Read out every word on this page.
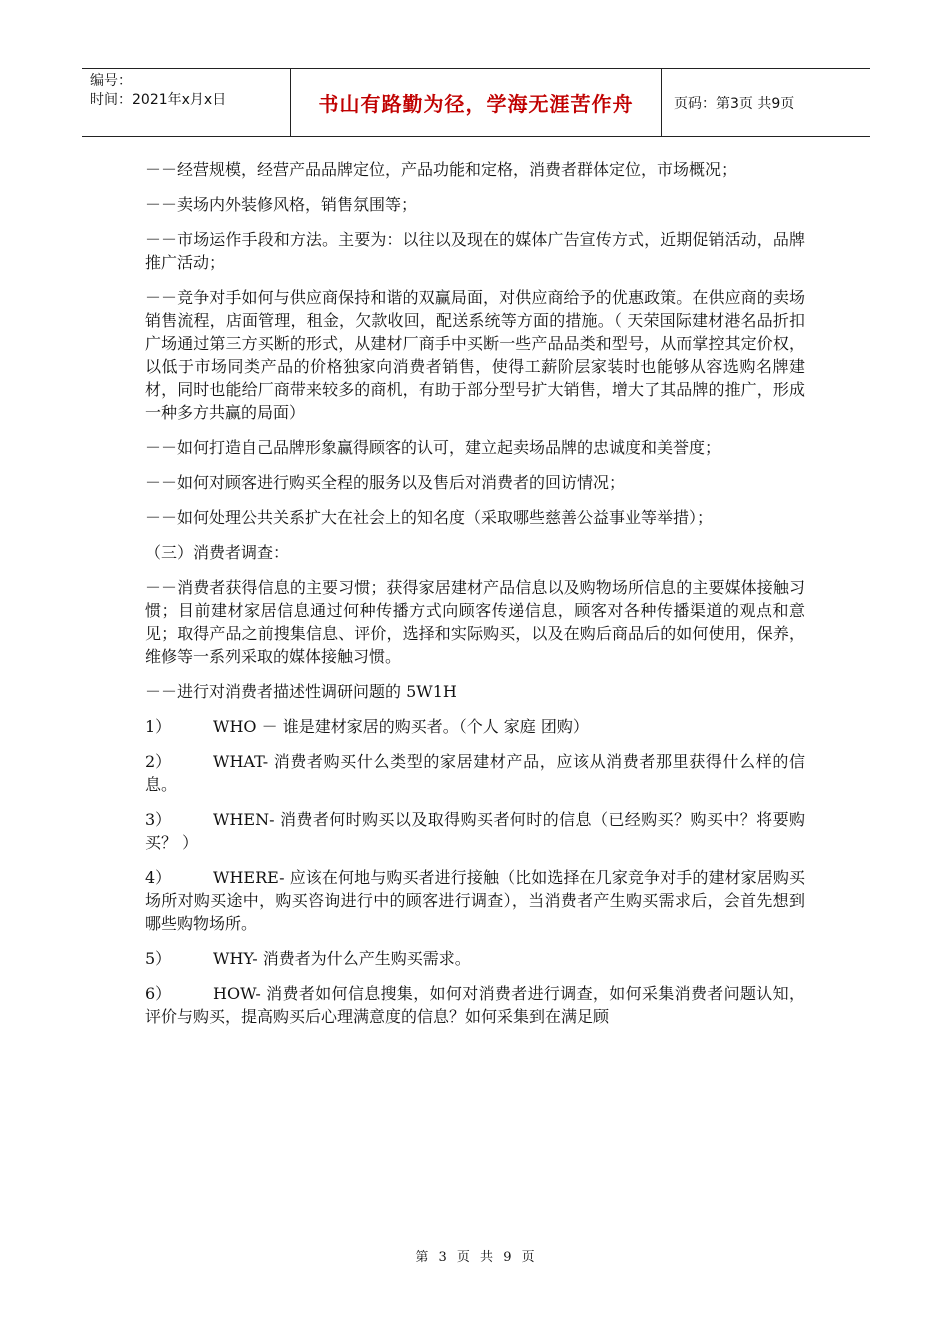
编号：
时间：2021年x月x日	书山有路勤为径，学海无涯苦作舟	页码：第3页 共9页

－－经营规模，经营产品品牌定位，产品功能和定格，消费者群体定位，市场概况；

－－卖场内外装修风格，销售氛围等；

－－市场运作手段和方法。主要为：以往以及现在的媒体广告宣传方式，近期促销活动，品牌推广活动；

－－竞争对手如何与供应商保持和谐的双赢局面，对供应商给予的优惠政策。在供应商的卖场销售流程，店面管理，租金，欠款收回，配送系统等方面的措施。（ 天荣国际建材港名品折扣广场通过第三方买断的形式，从建材厂商手中买断一些产品品类和型号，从而掌控其定价权，以低于市场同类产品的价格独家向消费者销售，使得工薪阶层家装时也能够从容选购名牌建材，同时也能给厂商带来较多的商机，有助于部分型号扩大销售，增大了其品牌的推广，形成一种多方共赢的局面）

－－如何打造自己品牌形象赢得顾客的认可，建立起卖场品牌的忠诚度和美誉度；

－－如何对顾客进行购买全程的服务以及售后对消费者的回访情况；

－－如何处理公共关系扩大在社会上的知名度（采取哪些慈善公益事业等举措）；

（三）消费者调查：

－－消费者获得信息的主要习惯；获得家居建材产品信息以及购物场所信息的主要媒体接触习惯；目前建材家居信息通过何种传播方式向顾客传递信息，顾客对各种传播渠道的观点和意见；取得产品之前搜集信息、评价，选择和实际购买，以及在购后商品后的如何使用，保养，维修等一系列采取的媒体接触习惯。

－－进行对消费者描述性调研问题的 5W1H

1）	WHO － 谁是建材家居的购买者。（个人 家庭 团购）

2）	WHAT- 消费者购买什么类型的家居建材产品，应该从消费者那里获得什么样的信息。

3）	WHEN- 消费者何时购买以及取得购买者何时的信息（已经购买？购买中？将要购买？ ）

4）	WHERE- 应该在何地与购买者进行接触（比如选择在几家竞争对手的建材家居购买场所对购买途中，购买咨询进行中的顾客进行调查），当消费者产生购买需求后，会首先想到哪些购物场所。

5）	WHY- 消费者为什么产生购买需求。

6）	HOW- 消费者如何信息搜集，如何对消费者进行调查，如何采集消费者问题认知，评价与购买，提高购买后心理满意度的信息？如何采集到在满足顾

第 3 页 共 9 页
